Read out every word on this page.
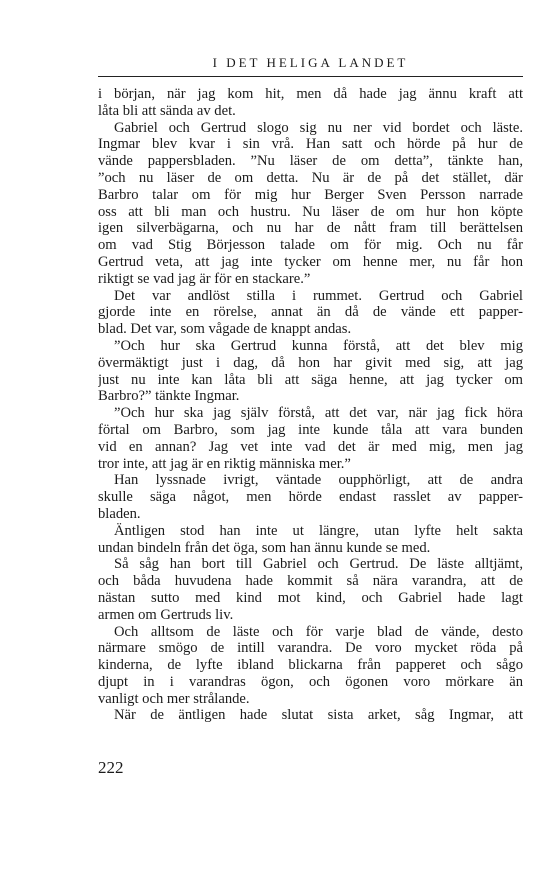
I DET HELIGA LANDET
i början, när jag kom hit, men då hade jag ännu kraft att
låta bli att sända av det.
Gabriel och Gertrud slogo sig nu ner vid bordet och läste.
Ingmar blev kvar i sin vrå. Han satt och hörde på hur de
vände pappersbladen. ”Nu läser de om detta”, tänkte han,
”och nu läser de om detta. Nu är de på det stället, där
Barbro talar om för mig hur Berger Sven Persson narrade
oss att bli man och hustru. Nu läser de om hur hon köpte
igen silverbägarna, och nu har de nått fram till berättelsen
om vad Stig Börjesson talade om för mig. Och nu får
Gertrud veta, att jag inte tycker om henne mer, nu får hon
riktigt se vad jag är för en stackare.”
Det var andlöst stilla i rummet. Gertrud och Gabriel
gjorde inte en rörelse, annat än då de vände ett papper-
blad. Det var, som vågade de knappt andas.
”Och hur ska Gertrud kunna förstå, att det blev mig
övermäktigt just i dag, då hon har givit med sig, att jag
just nu inte kan låta bli att säga henne, att jag tycker om
Barbro?” tänkte Ingmar.
”Och hur ska jag själv förstå, att det var, när jag fick höra
förtal om Barbro, som jag inte kunde tåla att vara bunden
vid en annan? Jag vet inte vad det är med mig, men jag
tror inte, att jag är en riktig människa mer.”
Han lyssnade ivrigt, väntade oupphörligt, att de andra
skulle säga något, men hörde endast rasslet av papper-
bladen.
Äntligen stod han inte ut längre, utan lyfte helt sakta
undan bindeln från det öga, som han ännu kunde se med.
Så såg han bort till Gabriel och Gertrud. De läste alltjämt,
och båda huvudena hade kommit så nära varandra, att de
nästan sutto med kind mot kind, och Gabriel hade lagt
armen om Gertruds liv.
Och alltsom de läste och för varje blad de vände, desto
närmare smögo de intill varandra. De voro mycket röda på
kinderna, de lyfte ibland blickarna från papperet och sågo
djupt in i varandras ögon, och ögonen voro mörkare än
vanligt och mer strålande.
När de äntligen hade slutat sista arket, såg Ingmar, att
222
